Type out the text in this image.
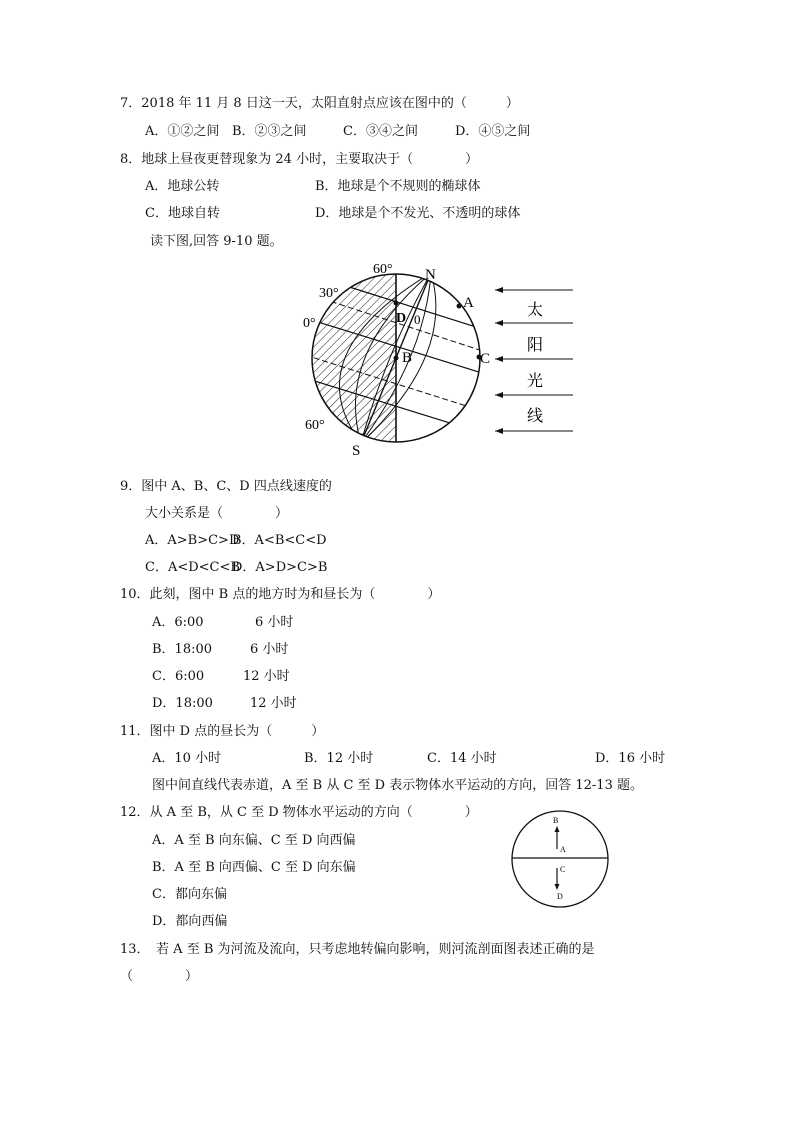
7．2018 年 11 月 8 日这一天，太阳直射点应该在图中的（　　　）
A．①②之间 B．②③之间	C．③④之间	D．④⑤之间
8．地球上昼夜更替现象为 24 小时，主要取决于（　　　　）
A．地球公转	B．地球是个不规则的椭球体
C．地球自转	D．地球是个不发光、不透明的球体
读下图,回答 9-10 题。
60°
30°
0°
60°
N
S
A
B	C
D 0
太
阳
光
线
9．图中 A、B、C、D 四点线速度的
大小关系是（　　　　）
A．A>B>C>D
B．A<B<C<D
C．A<D<C<B
D．A>D>C>B
10．此刻，图中 B 点的地方时为和昼长为（　　　　）
A．6:00	6 小时
B．18:00	6 小时
C．6:00	12 小时
D．18:00	12 小时
11．图中 D 点的昼长为（　　　）
A．10 小时	B．12 小时	C．14 小时	D．16 小时
图中间直线代表赤道，A 至 B 从 C 至 D 表示物体水平运动的方向，回答 12-13 题。
12．从 A 至 B，从 C 至 D 物体水平运动的方向（　　　　）
A．A 至 B 向东偏、C 至 D 向西偏
B．A 至 B 向西偏、C 至 D 向东偏
C．都向东偏
D．都向西偏
B
A
C
D
13．　若 A 至 B 为河流及流向，只考虑地转偏向影响，则河流剖面图表述正确的是
（　　　　）
